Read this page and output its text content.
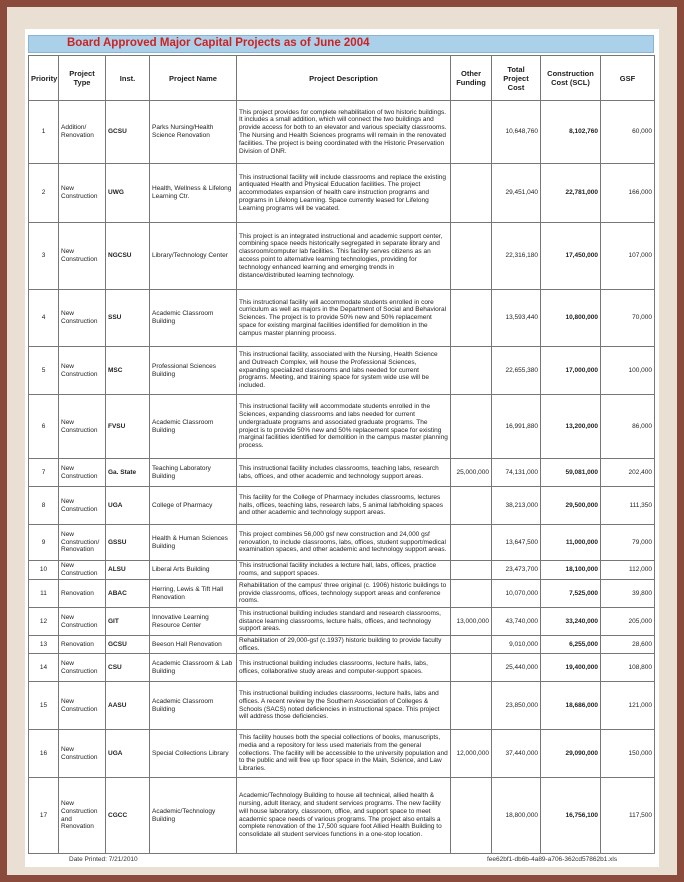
Board Approved Major Capital Projects as of June 2004
Priority	Project Type	Inst.	Project Name	Project Description	Other Funding	Total Project Cost	Construction Cost (SCL)	GSF
1	Addition/ Renovation	GCSU	Parks Nursing/Health Science Renovation	This project provides for complete rehabilitation of two historic buildings. It includes a small addition, which will connect the two buildings and provide access for both to an elevator and various specialty classrooms. The Nursing and Health Sciences programs will remain in the renovated facilities. The project is being coordinated with the Historic Preservation Division of DNR.		10,648,760	8,102,760	60,000
2	New Construction	UWG	Health, Wellness & Lifelong Learning Ctr.	This instructional facility will include classrooms and replace the existing antiquated Health and Physical Education facilities. The project accommodates expansion of health care instruction programs and programs in Lifelong Learning. Space currently leased for Lifelong Learning programs will be vacated.		29,451,040	22,781,000	166,000
3	New Construction	NGCSU	Library/Technology Center	This project is an integrated instructional and academic support center, combining space needs historically segregated in separate library and classroom/computer lab facilities. This facility serves citizens as an access point to alternative learning technologies, providing for technology enhanced learning and emerging trends in distance/distributed learning technology.		22,316,180	17,450,000	107,000
4	New Construction	SSU	Academic Classroom Building	This instructional facility will accommodate students enrolled in core curriculum as well as majors in the Department of Social and Behavioral Sciences. The project is to provide 50% new and 50% replacement space for existing marginal facilities identified for demolition in the campus master planning process.		13,593,440	10,800,000	70,000
5	New Construction	MSC	Professional Sciences Building	This instructional facility, associated with the Nursing, Health Science and Outreach Complex, will house the Professional Sciences, expanding specialized classrooms and labs needed for current programs. Meeting, and training space for system wide use will be included.		22,655,380	17,000,000	100,000
6	New Construction	FVSU	Academic Classroom Building	This instructional facility will accommodate students enrolled in the Sciences, expanding classrooms and labs needed for current undergraduate programs and associated graduate programs. The project is to provide 50% new and 50% replacement space for existing marginal facilities identified for demolition in the campus master planning process.		16,991,880	13,200,000	86,000
7	New Construction	Ga. State	Teaching Laboratory Building	This instructional facility includes classrooms, teaching labs, research labs, offices, and other academic and technology support areas.	25,000,000	74,131,000	59,081,000	202,400
8	New Construction	UGA	College of Pharmacy	This facility for the College of Pharmacy includes classrooms, lectures halls, offices, teaching labs, research labs, 5 animal lab/holding spaces and other academic and technology support areas.		38,213,000	29,500,000	111,350
9	New Construction/ Renovation	GSSU	Health & Human Sciences Building	This project combines 56,000 gsf new construction and 24,000 gsf renovation, to include classrooms, labs, offices, student support/medical examination spaces, and other academic and technology support areas.		13,647,500	11,000,000	79,000
10	New Construction	ALSU	Liberal Arts Building	This instructional facility includes a lecture hall, labs, offices, practice rooms, and support spaces.		23,473,700	18,100,000	112,000
11	Renovation	ABAC	Herring, Lewis & Tift Hall Renovation	Rehabilitation of the campus' three original (c. 1906) historic buildings to provide classrooms, offices, technology support areas and conference rooms.		10,070,000	7,525,000	39,800
12	New Construction	GIT	Innovative Learning Resource Center	This instructional building includes standard and research classrooms, distance learning classrooms, lecture halls, offices, and technology support areas.	13,000,000	43,740,000	33,240,000	205,000
13	Renovation	GCSU	Beeson Hall Renovation	Rehabilitation of 29,000-gsf (c.1937) historic building to provide faculty offices.		9,010,000	6,255,000	28,600
14	New Construction	CSU	Academic Classroom & Lab Building	This instructional building includes classrooms, lecture halls, labs, offices, collaborative study areas and computer-support spaces.		25,440,000	19,400,000	108,800
15	New Construction	AASU	Academic Classroom Building	This instructional building includes classrooms, lecture halls, labs and offices. A recent review by the Southern Association of Colleges & Schools (SACS) noted deficiencies in instructional space. This project will address those deficiencies.		23,850,000	18,686,000	121,000
16	New Construction	UGA	Special Collections Library	This facility houses both the special collections of books, manuscripts, media and a repository for less used materials from the general collections. The facility will be accessible to the university population and to the public and will free up floor space in the Main, Science, and Law Libraries.	12,000,000	37,440,000	29,090,000	150,000
17	New Construction and Renovation	CGCC	Academic/Technology Building	Academic/Technology Building to house all technical, allied health & nursing, adult literacy, and student services programs. The new facility will house laboratory, classroom, office, and support space to meet academic space needs of various programs. The project also entails a complete renovation of the 17,500 square foot Allied Health Building to consolidate all student services functions in a one-stop location.		18,800,000	16,756,100	117,500
Date Printed: 7/21/2010	fee62bf1-db6b-4a89-a706-362cd57862b1.xls
